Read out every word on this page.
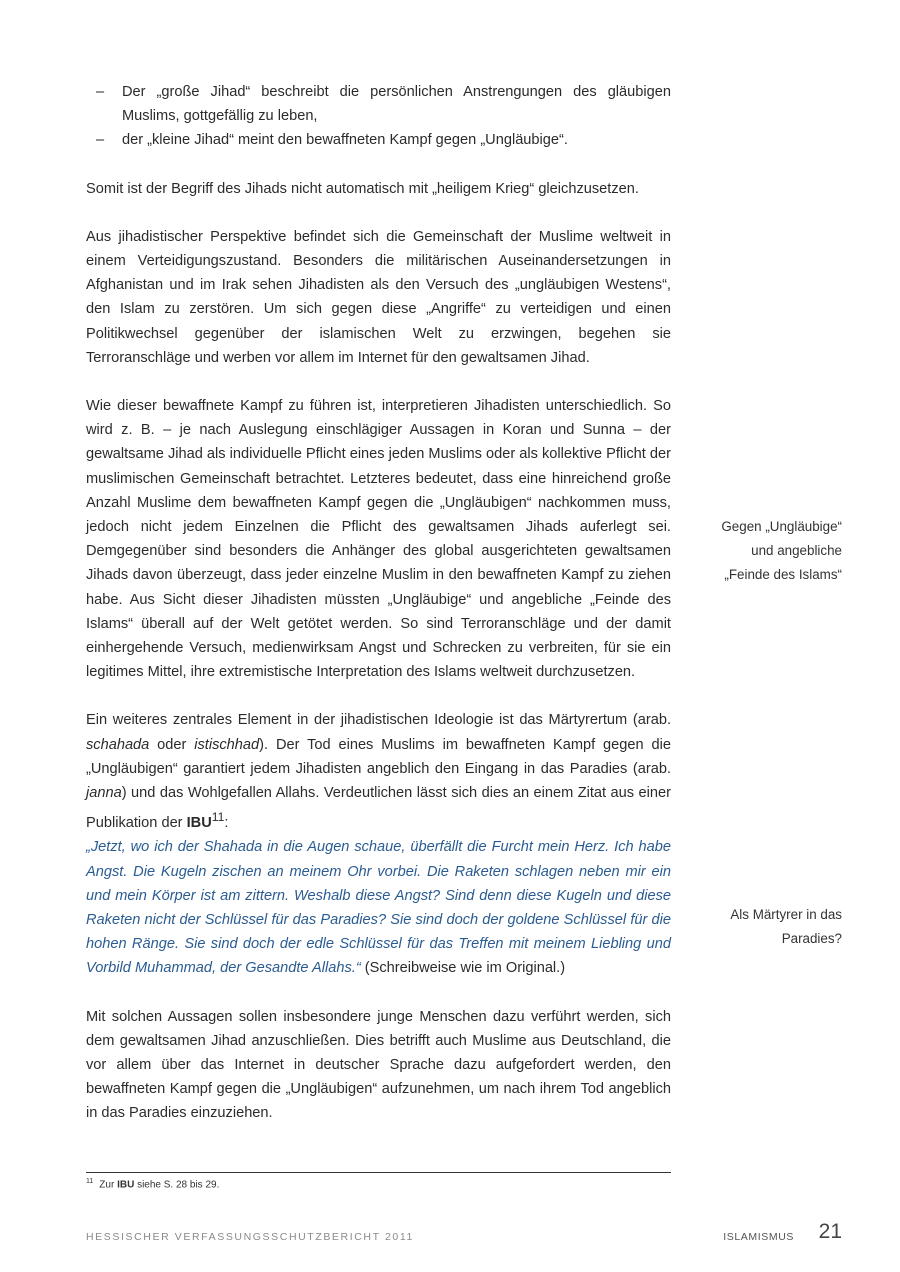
– Der „große Jihad“ beschreibt die persönlichen Anstrengungen des gläubigen Muslims, gottgefällig zu leben,
– der „kleine Jihad“ meint den bewaffneten Kampf gegen „Ungläubige“.

Somit ist der Begriff des Jihads nicht automatisch mit „heiligem Krieg“ gleichzusetzen.

Aus jihadistischer Perspektive befindet sich die Gemeinschaft der Muslime weltweit in einem Verteidigungszustand. Besonders die militärischen Auseinandersetzungen in Afghanistan und im Irak sehen Jihadisten als den Versuch des „ungläubigen Westens“, den Islam zu zerstören. Um sich gegen diese „Angriffe“ zu verteidigen und einen Politikwechsel gegenüber der islamischen Welt zu erzwingen, begehen sie Terroranschläge und werben vor allem im Internet für den gewaltsamen Jihad.

Wie dieser bewaffnete Kampf zu führen ist, interpretieren Jihadisten unterschiedlich. So wird z. B. – je nach Auslegung einschlägiger Aussagen in Koran und Sunna – der gewaltsame Jihad als individuelle Pflicht eines jeden Muslims oder als kollektive Pflicht der muslimischen Gemeinschaft betrachtet. Letzteres bedeutet, dass eine hinreichend große Anzahl Muslime dem bewaffneten Kampf gegen die „Ungläubigen“ nachkommen muss, jedoch nicht jedem Einzelnen die Pflicht des gewaltsamen Jihads auferlegt sei. Demgegenüber sind besonders die Anhänger des global ausgerichteten gewaltsamen Jihads davon überzeugt, dass jeder einzelne Muslim in den bewaffneten Kampf zu ziehen habe. Aus Sicht dieser Jihadisten müssten „Ungläubige“ und angebliche „Feinde des Islams“ überall auf der Welt getötet werden. So sind Terroranschläge und der damit einhergehende Versuch, medienwirksam Angst und Schrecken zu verbreiten, für sie ein legitimes Mittel, ihre extremistische Interpretation des Islams weltweit durchzusetzen.

Ein weiteres zentrales Element in der jihadistischen Ideologie ist das Märtyrertum (arab. schahada oder istischhad). Der Tod eines Muslims im bewaffneten Kampf gegen die „Ungläubigen“ garantiert jedem Jihadisten angeblich den Eingang in das Paradies (arab. janna) und das Wohlgefallen Allahs. Verdeutlichen lässt sich dies an einem Zitat aus einer Publikation der IBU$^{11}$:
„Jetzt, wo ich der Shahada in die Augen schaue, überfällt die Furcht mein Herz. Ich habe Angst. Die Kugeln zischen an meinem Ohr vorbei. Die Raketen schlagen neben mir ein und mein Körper ist am zittern. Weshalb diese Angst? Sind denn diese Kugeln und diese Raketen nicht der Schlüssel für das Paradies? Sie sind doch der goldene Schlüssel für die hohen Ränge. Sie sind doch der edle Schlüssel für das Treffen mit meinem Liebling und Vorbild Muhammad, der Gesandte Allahs.“ (Schreibweise wie im Original.)

Mit solchen Aussagen sollen insbesondere junge Menschen dazu verführt werden, sich dem gewaltsamen Jihad anzuschließen. Dies betrifft auch Muslime aus Deutschland, die vor allem über das Internet in deutscher Sprache dazu aufgefordert werden, den bewaffneten Kampf gegen die „Ungläubigen“ aufzunehmen, um nach ihrem Tod angeblich in das Paradies einzuziehen.

Gegen „Ungläubige“
und angebliche
„Feinde des Islams“
Als Märtyrer in das Paradies?
$^{11}$ Zur IBU siehe S. 28 bis 29.
HESSISCHER VERFASSUNGSSCHUTZBERICHT 2011	ISLAMISMUS 21
